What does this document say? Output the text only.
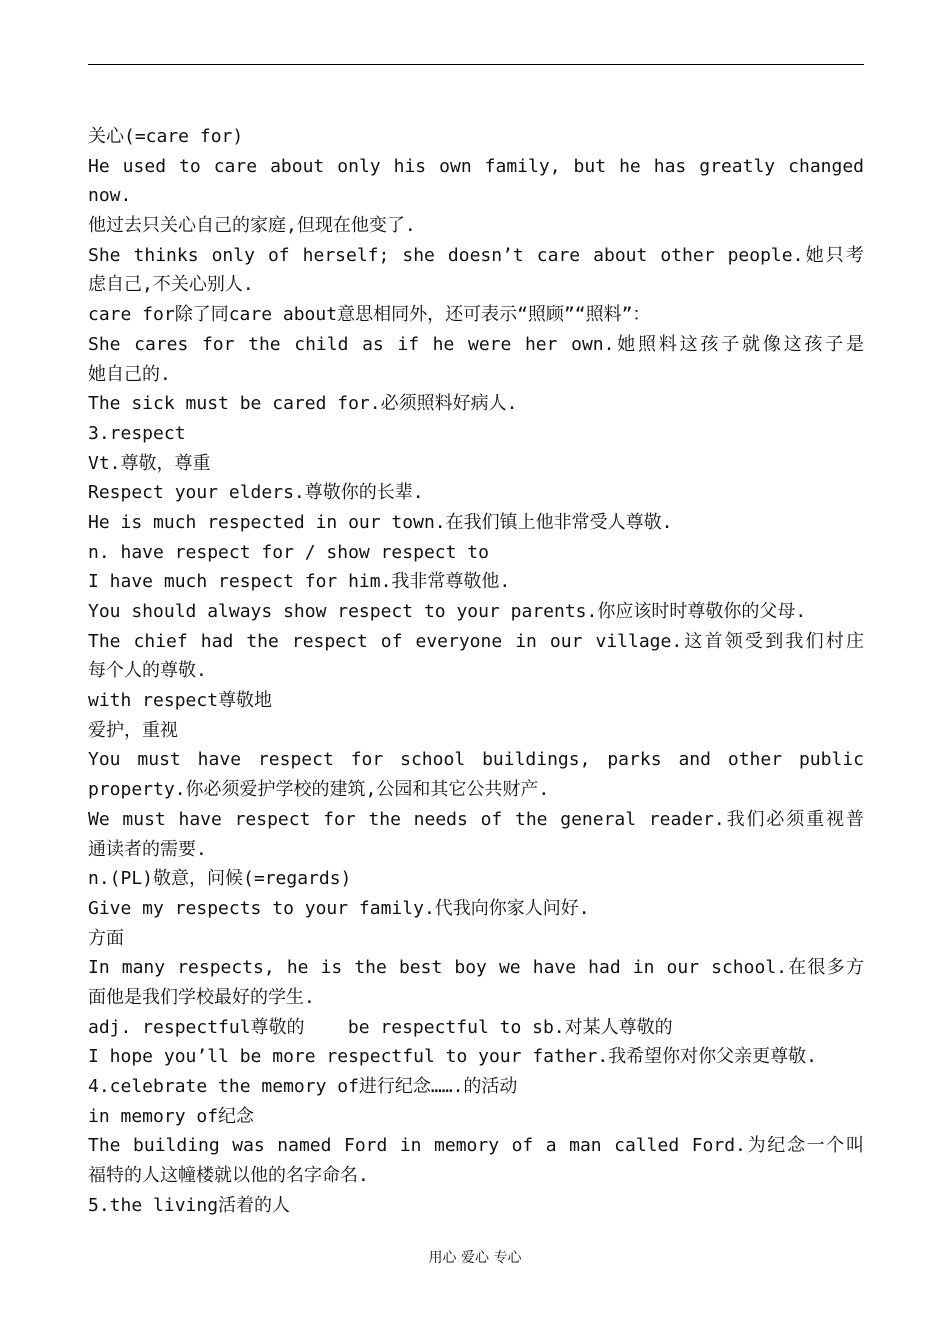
关心(=care for)
He used to care about only his own family, but he has greatly changed
now.
他过去只关心自己的家庭,但现在他变了.
She thinks only of herself; she doesn’t care about other people.她只考
虑自己,不关心别人.
care for除了同care about意思相同外，还可表示“照顾”“照料”：
She cares for the child as if he were her own.她照料这孩子就像这孩子是
她自己的.
The sick must be cared for.必须照料好病人.
3.respect
Vt.尊敬，尊重
Respect your elders.尊敬你的长辈.
He is much respected in our town.在我们镇上他非常受人尊敬.
n. have respect for / show respect to
I have much respect for him.我非常尊敬他.
You should always show respect to your parents.你应该时时尊敬你的父母.
The chief had the respect of everyone in our village.这首领受到我们村庄
每个人的尊敬.
with respect尊敬地
爱护，重视
You must have respect for school buildings, parks and other public
property.你必须爱护学校的建筑,公园和其它公共财产.
We must have respect for the needs of the general reader.我们必须重视普
通读者的需要.
n.(PL)敬意，问候(=regards)
Give my respects to your family.代我向你家人问好.
方面
In many respects, he is the best boy we have had in our school.在很多方
面他是我们学校最好的学生.
adj. respectful尊敬的    be respectful to sb.对某人尊敬的
I hope you’ll be more respectful to your father.我希望你对你父亲更尊敬.
4.celebrate the memory of进行纪念…….的活动
in memory of纪念
The building was named Ford in memory of a man called Ford.为纪念一个叫
福特的人这幢楼就以他的名字命名.
5.the living活着的人
用心 爱心 专心
